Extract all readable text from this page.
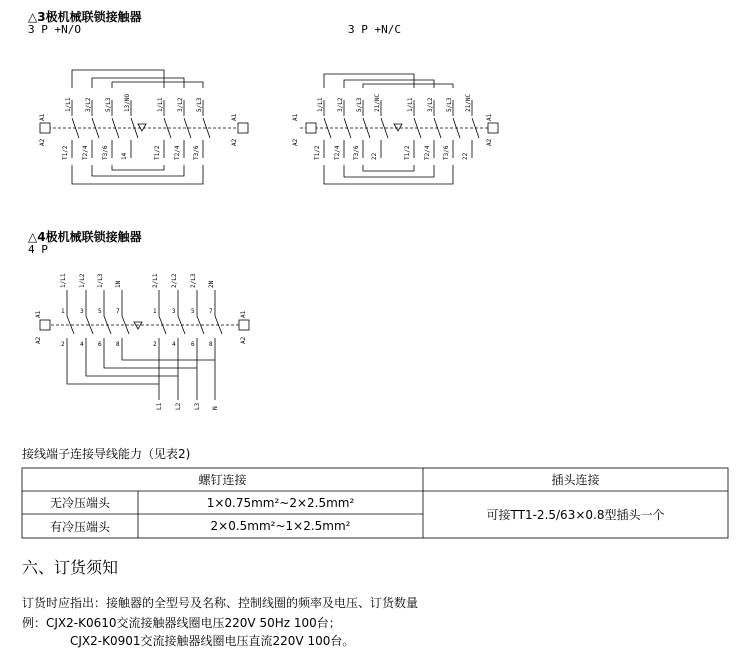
△3极机械联锁接触器
3 P +N/O	3 P +N/C
1/L1 3/L2 5/L3 13/NO	1/L1 3/L2 5/L3
T1/2 T2/4 T3/6 14	T1/2 T2/4 T3/6
1/L1 3/L2 5/L3 21/NC	1/L1 3/L2 5/L3 21/NC
T1/2 T2/4 T3/6 22	T1/2 T2/4 T3/6 22
A1
A2
A1
A2
A1
A2
A1
A2
△4极机械联锁接触器
4 P
1/L1 1/L2 1/L3 1N	2/L1 2/L2 2/L3 2N
1	3 5 7	1	3	5 7
2	4 6 8	2	4	6 8
L1 L2 L3 N
A1
A2
A1
A2
接线端子连接导线能力（见表2)
螺钉连接	插头连接
无冷压端头	1×0.75mm²~2×2.5mm²
有冷压端头	2×0.5mm²~1×2.5mm²
可接TT1-2.5/63×0.8型插头一个
六、订货须知
订货时应指出：接触器的全型号及名称、控制线圈的频率及电压、订货数量
例：CJX2-K0610交流接触器线圈电压220V 50Hz 100台；
CJX2-K0901交流接触器线圈电压直流220V 100台。
